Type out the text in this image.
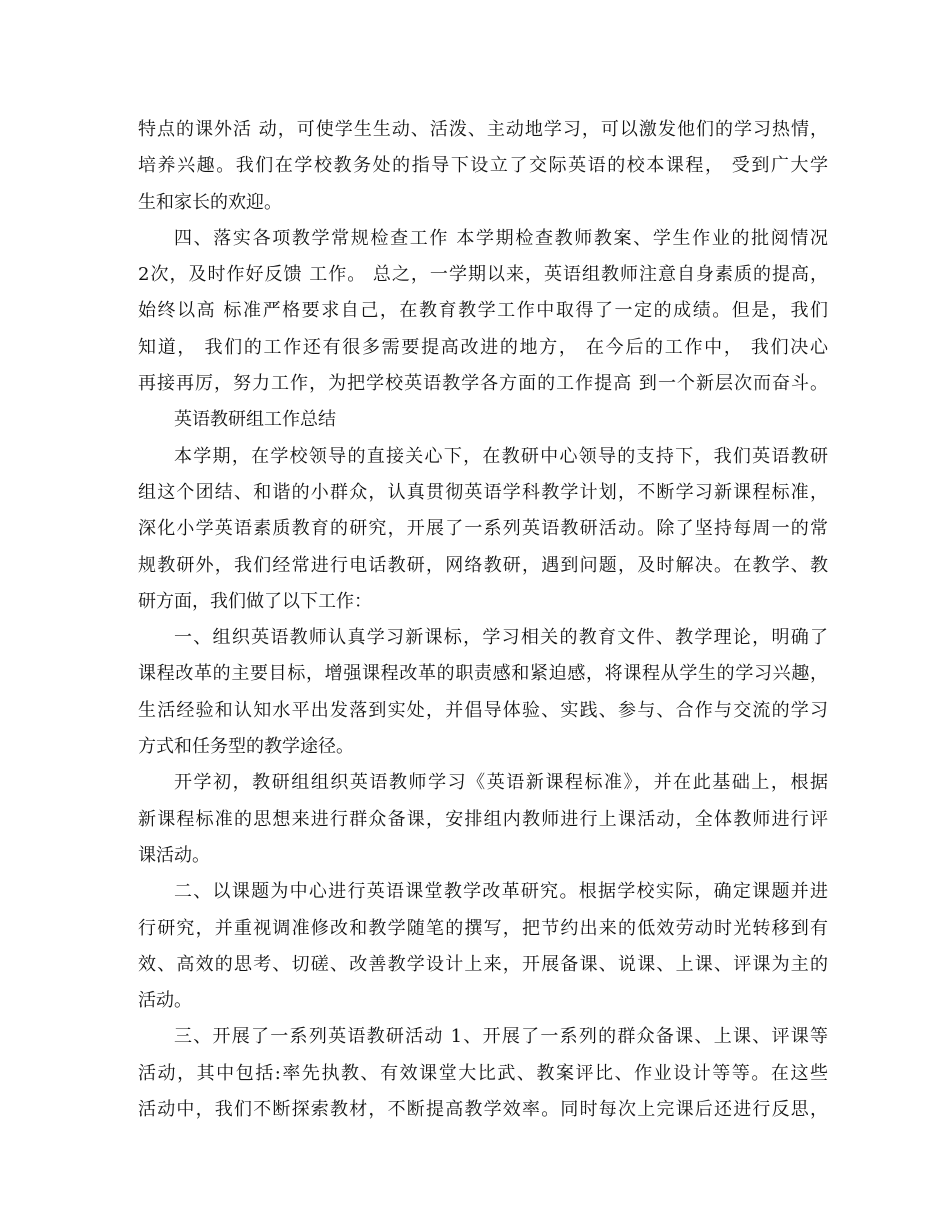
特点的课外活 动，可使学生生动、活泼、主动地学习，可以激发他们的学习热情，
培养兴趣。我们在学校教务处的指导下设立了交际英语的校本课程， 受到广大学
生和家长的欢迎。
四、落实各项教学常规检查工作 本学期检查教师教案、学生作业的批阅情况
2次，及时作好反馈 工作。 总之，一学期以来，英语组教师注意自身素质的提高，
始终以高 标准严格要求自己，在教育教学工作中取得了一定的成绩。但是，我们
知道， 我们的工作还有很多需要提高改进的地方， 在今后的工作中， 我们决心
再接再厉，努力工作，为把学校英语教学各方面的工作提高 到一个新层次而奋斗。
英语教研组工作总结
本学期，在学校领导的直接关心下，在教研中心领导的支持下，我们英语教研
组这个团结、和谐的小群众，认真贯彻英语学科教学计划，不断学习新课程标准，
深化小学英语素质教育的研究，开展了一系列英语教研活动。除了坚持每周一的常
规教研外，我们经常进行电话教研，网络教研，遇到问题，及时解决。在教学、教
研方面，我们做了以下工作：
一、组织英语教师认真学习新课标，学习相关的教育文件、教学理论，明确了
课程改革的主要目标，增强课程改革的职责感和紧迫感，将课程从学生的学习兴趣，
生活经验和认知水平出发落到实处，并倡导体验、实践、参与、合作与交流的学习
方式和任务型的教学途径。
开学初，教研组组织英语教师学习《英语新课程标准》，并在此基础上，根据
新课程标准的思想来进行群众备课，安排组内教师进行上课活动，全体教师进行评
课活动。
二、以课题为中心进行英语课堂教学改革研究。根据学校实际，确定课题并进
行研究，并重视调准修改和教学随笔的撰写，把节约出来的低效劳动时光转移到有
效、高效的思考、切磋、改善教学设计上来，开展备课、说课、上课、评课为主的
活动。
三、开展了一系列英语教研活动 1、开展了一系列的群众备课、上课、评课等
活动，其中包括:率先执教、有效课堂大比武、教案评比、作业设计等等。在这些
活动中，我们不断探索教材，不断提高教学效率。同时每次上完课后还进行反思，
